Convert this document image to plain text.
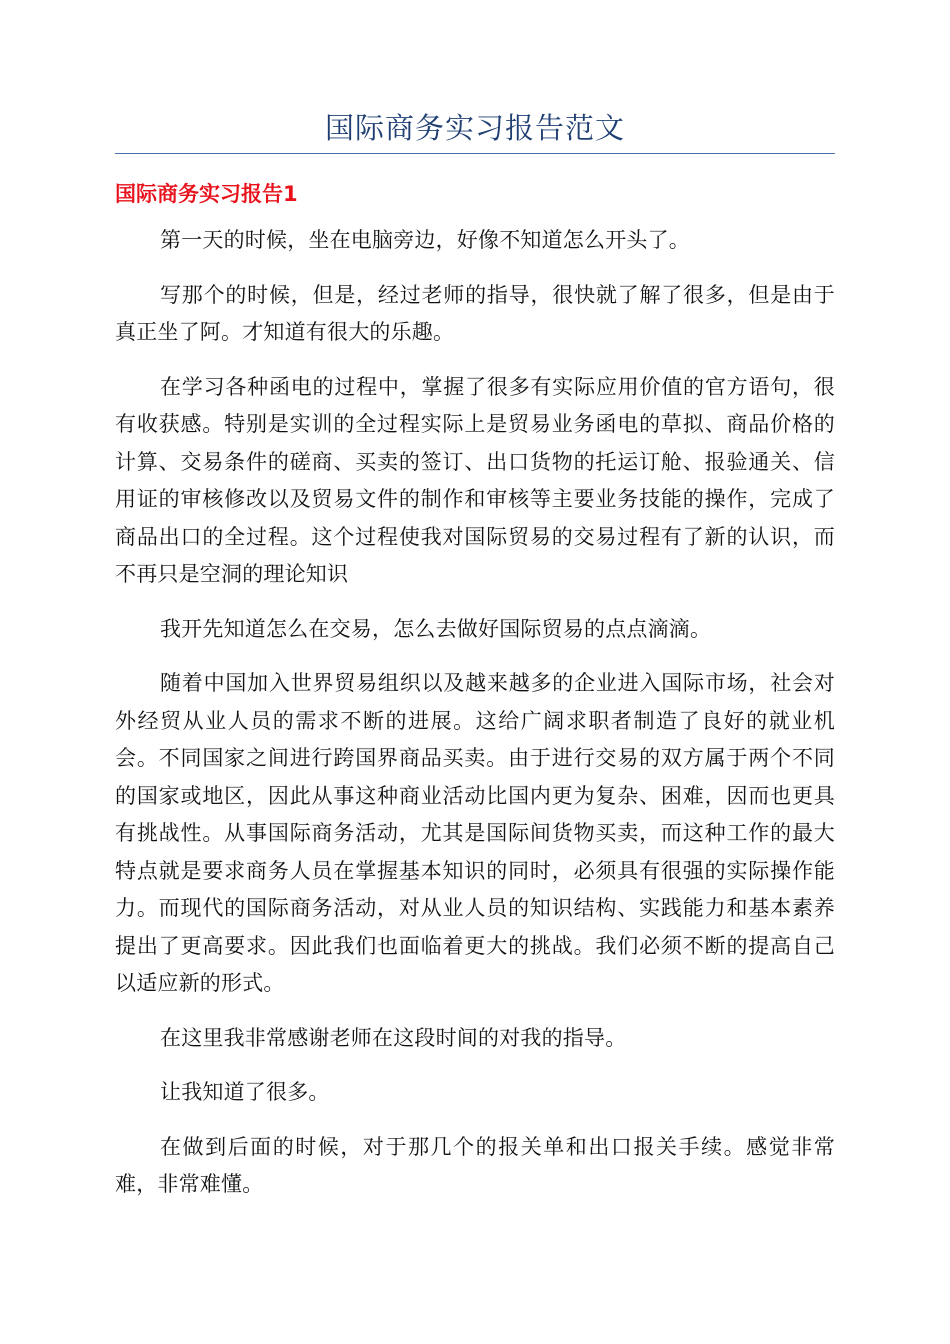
国际商务实习报告范文
国际商务实习报告1

第一天的时候，坐在电脑旁边，好像不知道怎么开头了。

写那个的时候，但是，经过老师的指导，很快就了解了很多，但是由于真正坐了阿。才知道有很大的乐趣。

在学习各种函电的过程中，掌握了很多有实际应用价值的官方语句，很有收获感。特别是实训的全过程实际上是贸易业务函电的草拟、商品价格的计算、交易条件的磋商、买卖的签订、出口货物的托运订舱、报验通关、信用证的审核修改以及贸易文件的制作和审核等主要业务技能的操作，完成了商品出口的全过程。这个过程使我对国际贸易的交易过程有了新的认识，而不再只是空洞的理论知识

我开先知道怎么在交易，怎么去做好国际贸易的点点滴滴。

随着中国加入世界贸易组织以及越来越多的企业进入国际市场，社会对外经贸从业人员的需求不断的进展。这给广阔求职者制造了良好的就业机会。不同国家之间进行跨国界商品买卖。由于进行交易的双方属于两个不同的国家或地区，因此从事这种商业活动比国内更为复杂、困难，因而也更具有挑战性。从事国际商务活动，尤其是国际间货物买卖，而这种工作的最大特点就是要求商务人员在掌握基本知识的同时，必须具有很强的实际操作能力。而现代的国际商务活动，对从业人员的知识结构、实践能力和基本素养提出了更高要求。因此我们也面临着更大的挑战。我们必须不断的提高自己以适应新的形式。

在这里我非常感谢老师在这段时间的对我的指导。

让我知道了很多。

在做到后面的时候，对于那几个的报关单和出口报关手续。感觉非常难，非常难懂。
